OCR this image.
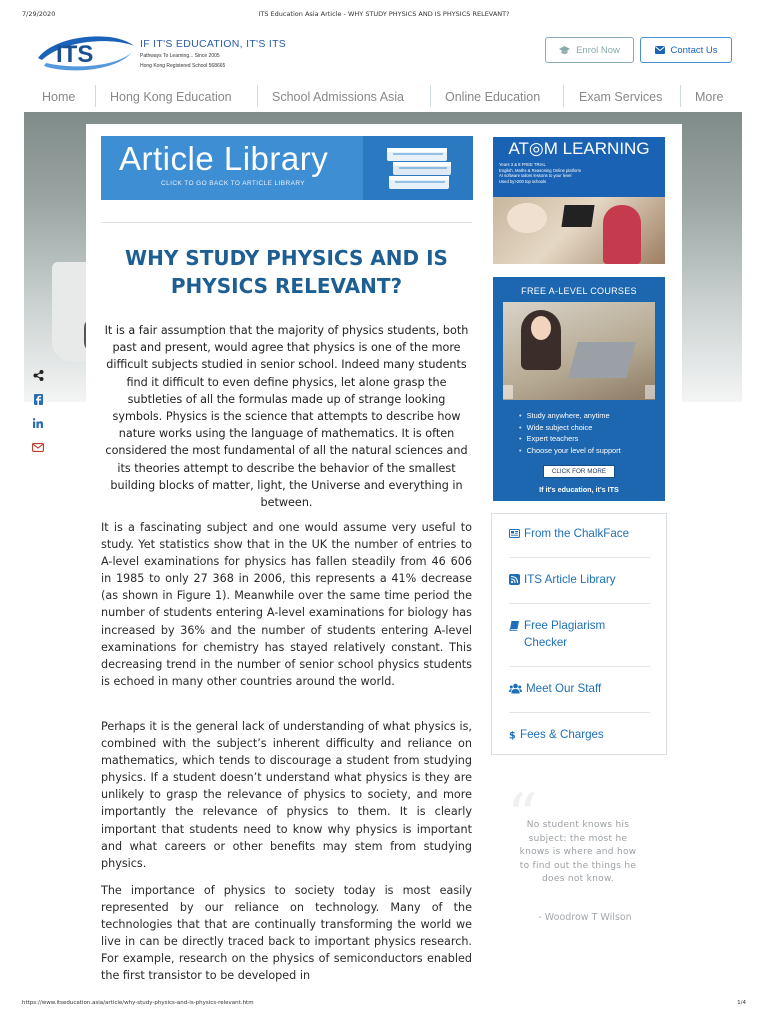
7/29/2020	ITS Education Asia Article - WHY STUDY PHYSICS AND IS PHYSICS RELEVANT?
ITS	IF IT'S EDUCATION, IT'S ITS
Pathways To Learning... Since 2005
Hong Kong Registered School 568665
Enrol Now	Contact Us
Home	Hong Kong Education	School Admissions Asia	Online Education	Exam Services	More
Article Library
CLICK TO GO BACK TO ARTICLE LIBRARY
WHY STUDY PHYSICS AND IS PHYSICS RELEVANT?

It is a fair assumption that the majority of physics students, both past and present, would agree that physics is one of the more difficult subjects studied in senior school. Indeed many students find it difficult to even define physics, let alone grasp the subtleties of all the formulas made up of strange looking symbols. Physics is the science that attempts to describe how nature works using the language of mathematics. It is often considered the most fundamental of all the natural sciences and its theories attempt to describe the behavior of the smallest building blocks of matter, light, the Universe and everything in between.

It is a fascinating subject and one would assume very useful to study. Yet statistics show that in the UK the number of entries to A-level examinations for physics has fallen steadily from 46 606 in 1985 to only 27 368 in 2006, this represents a 41% decrease (as shown in Figure 1). Meanwhile over the same time period the number of students entering A-level examinations for biology has increased by 36% and the number of students entering A-level examinations for chemistry has stayed relatively constant. This decreasing trend in the number of senior school physics students is echoed in many other countries around the world.

Perhaps it is the general lack of understanding of what physics is, combined with the subject’s inherent difficulty and reliance on mathematics, which tends to discourage a student from studying physics. If a student doesn’t understand what physics is they are unlikely to grasp the relevance of physics to society, and more importantly the relevance of physics to them. It is clearly important that students need to know why physics is important and what careers or other benefits may stem from studying physics.

The importance of physics to society today is most easily represented by our reliance on technology. Many of the technologies that that are continually transforming the world we live in can be directly traced back to important physics research. For example, research on the physics of semiconductors enabled the first transistor to be developed in

AT◎M LEARNING
Years 3 & 8 FREE TRIAL
English, Maths & Reasoning Online platform
AI software tailors lessons to your level
Used by>200 top schools
FREE A-LEVEL COURSES
• Study anywhere, anytime
• Wide subject choice
• Expert teachers
• Choose your level of support
CLICK FOR MORE
If it's education, it's ITS
From the ChalkFace
ITS Article Library
Free Plagiarism Checker
Meet Our Staff
$ Fees & Charges
“
No student knows his subject: the most he knows is where and how to find out the things he does not know.
- Woodrow T Wilson
https://www.itseducation.asia/article/why-study-physics-and-is-physics-relevant.htm	1/4
